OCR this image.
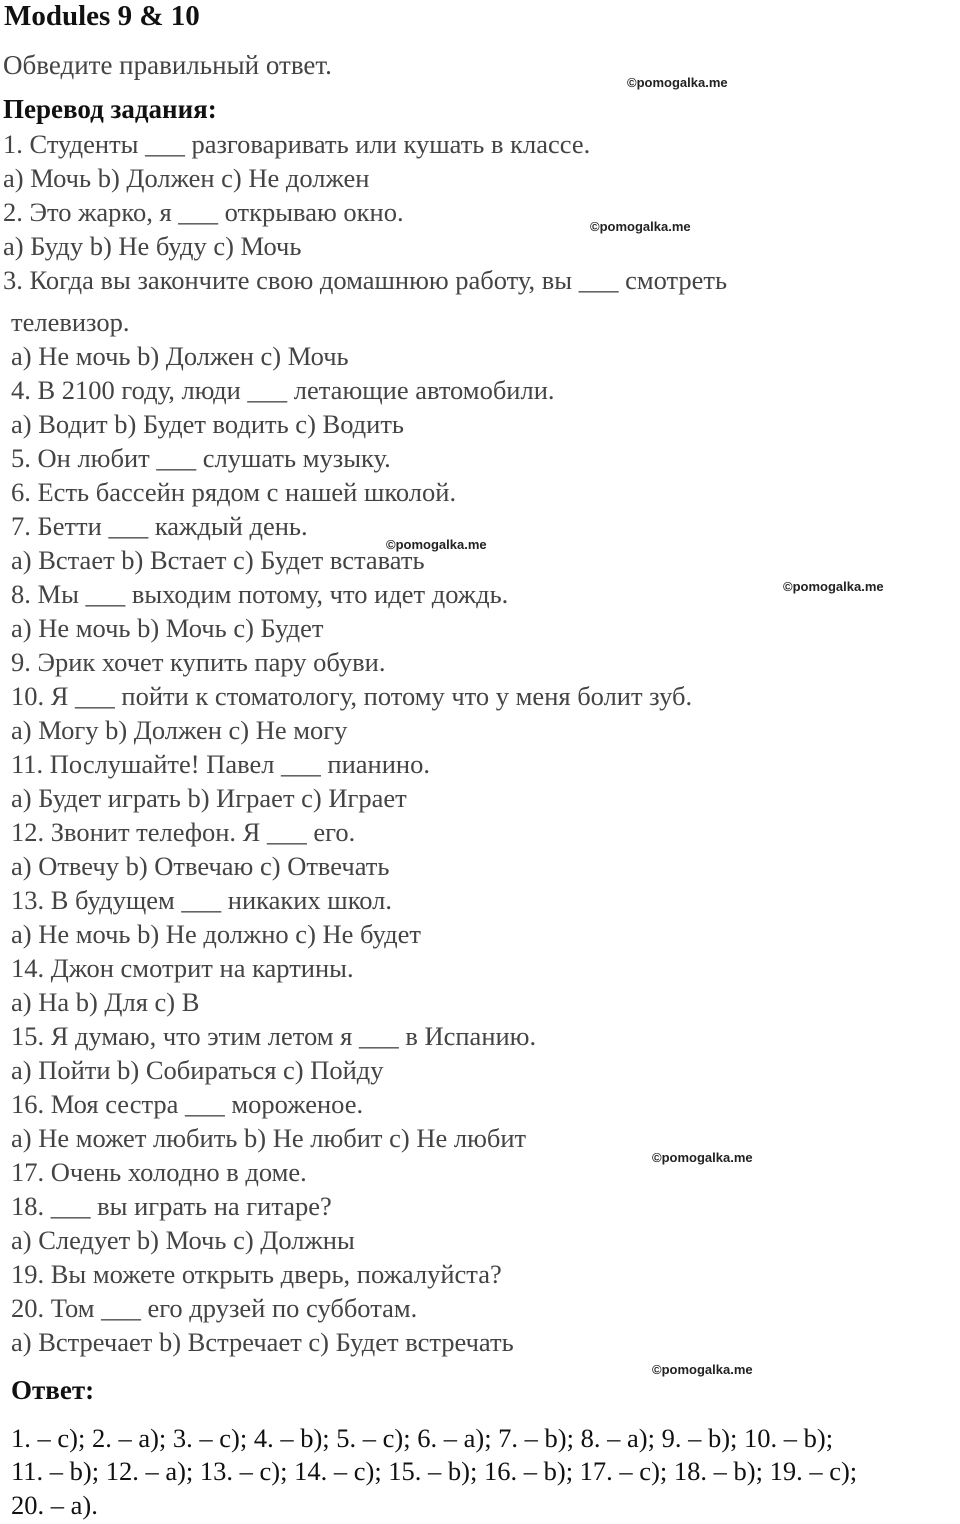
Modules 9 & 10
Обведите правильный ответ.
Перевод задания:
1. Студенты ___ разговаривать или кушать в классе.
a) Мочь b) Должен c) Не должен
2. Это жарко, я ___ открываю окно.
a) Буду b) Не буду c) Мочь
3. Когда вы закончите свою домашнюю работу, вы ___ смотреть
телевизор.
a) Не мочь b) Должен c) Мочь
4. В 2100 году, люди ___ летающие автомобили.
a) Водит b) Будет водить c) Водить
5. Он любит ___ слушать музыку.
6. Есть бассейн рядом с нашей школой.
7. Бетти ___ каждый день.
a) Встает b) Встает c) Будет вставать
8. Мы ___ выходим потому, что идет дождь.
a) Не мочь b) Мочь c) Будет
9. Эрик хочет купить пару обуви.
10. Я ___ пойти к стоматологу, потому что у меня болит зуб.
a) Могу b) Должен c) Не могу
11. Послушайте! Павел ___ пианино.
a) Будет играть b) Играет c) Играет
12. Звонит телефон. Я ___ его.
a) Отвечу b) Отвечаю c) Отвечать
13. В будущем ___ никаких школ.
a) Не мочь b) Не должно c) Не будет
14. Джон смотрит на картины.
a) На b) Для c) В
15. Я думаю, что этим летом я ___ в Испанию.
a) Пойти b) Собираться c) Пойду
16. Моя сестра ___ мороженое.
a) Не может любить b) Не любит c) Не любит
17. Очень холодно в доме.
18. ___ вы играть на гитаре?
a) Следует b) Мочь c) Должны
19. Вы можете открыть дверь, пожалуйста?
20. Том ___ его друзей по субботам.
a) Встречает b) Встречает c) Будет встречать
Ответ:
1. – c); 2. – a); 3. – c); 4. – b); 5. – c); 6. – a); 7. – b); 8. – a); 9. – b); 10. – b);
11. – b); 12. – a); 13. – c); 14. – c); 15. – b); 16. – b); 17. – c); 18. – b); 19. – c);
20. – a).
©pomogalka.me
©pomogalka.me
©pomogalka.me
©pomogalka.me
©pomogalka.me
©pomogalka.me
